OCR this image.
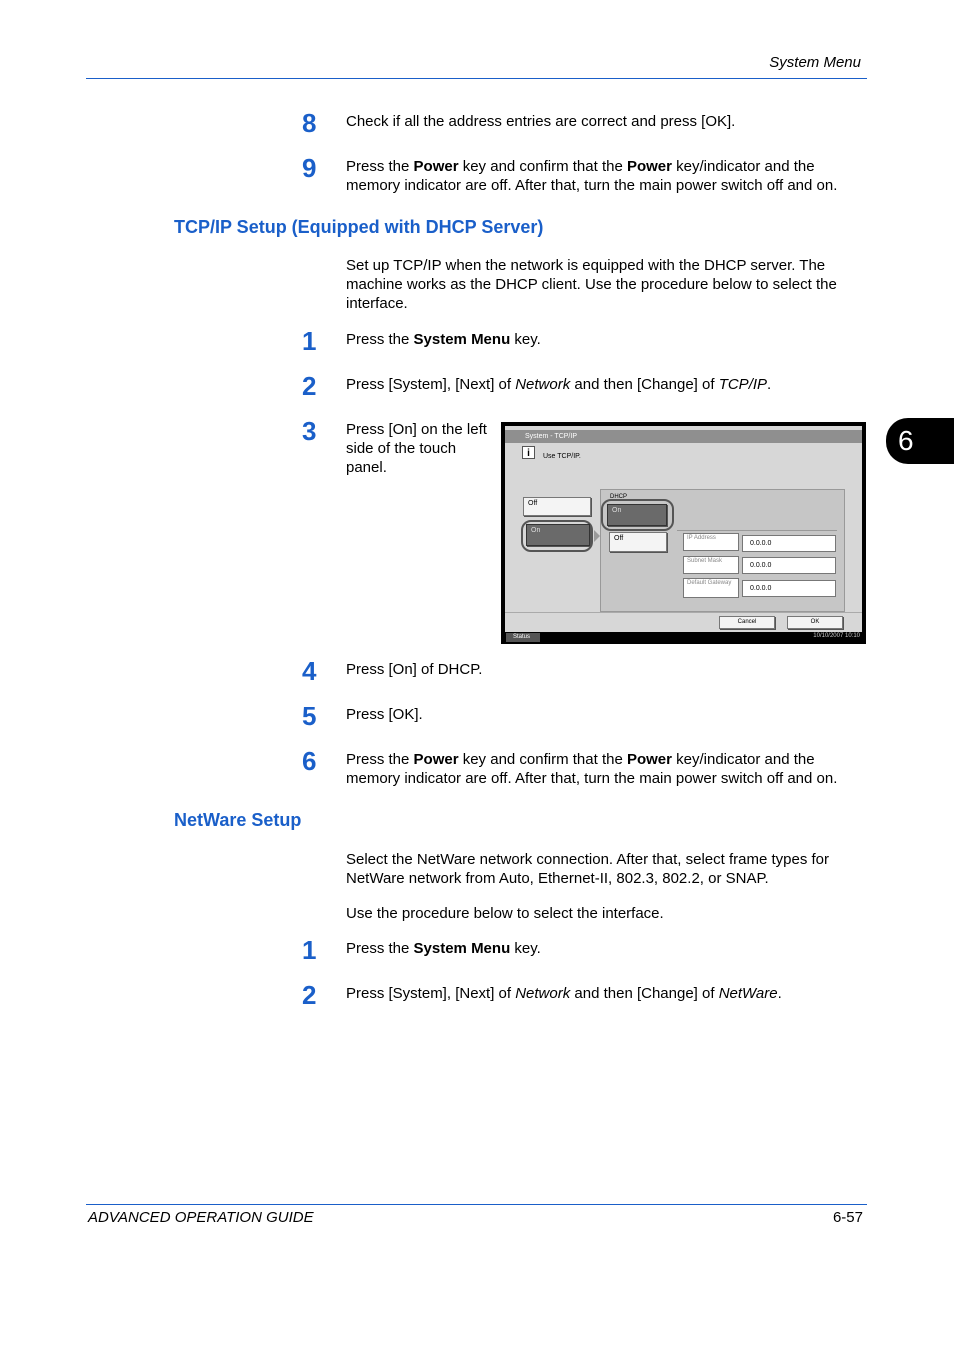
System Menu
8 Check if all the address entries are correct and press [OK].
9 Press the Power key and confirm that the Power key/indicator and the memory indicator are off. After that, turn the main power switch off and on.
TCP/IP Setup (Equipped with DHCP Server)
Set up TCP/IP when the network is equipped with the DHCP server. The machine works as the DHCP client. Use the procedure below to select the interface.
1 Press the System Menu key.
2 Press [System], [Next] of Network and then [Change] of TCP/IP.
3 Press [On] on the left side of the touch panel.
System - TCP/IP
i	Use TCP/IP.
Off
On
DHCP
On
Off	IP Address
0.0.0.0
Subnet Mask
0.0.0.0
Default Gateway
0.0.0.0
Cancel	OK
Status	10/10/2007 10:10
4 Press [On] of DHCP.
5 Press [OK].
6 Press the Power key and confirm that the Power key/indicator and the memory indicator are off. After that, turn the main power switch off and on.
NetWare Setup
Select the NetWare network connection. After that, select frame types for NetWare network from Auto, Ethernet-II, 802.3, 802.2, or SNAP.
Use the procedure below to select the interface.
1 Press the System Menu key.
2 Press [System], [Next] of Network and then [Change] of NetWare.
6
ADVANCED OPERATION GUIDE	6-57
